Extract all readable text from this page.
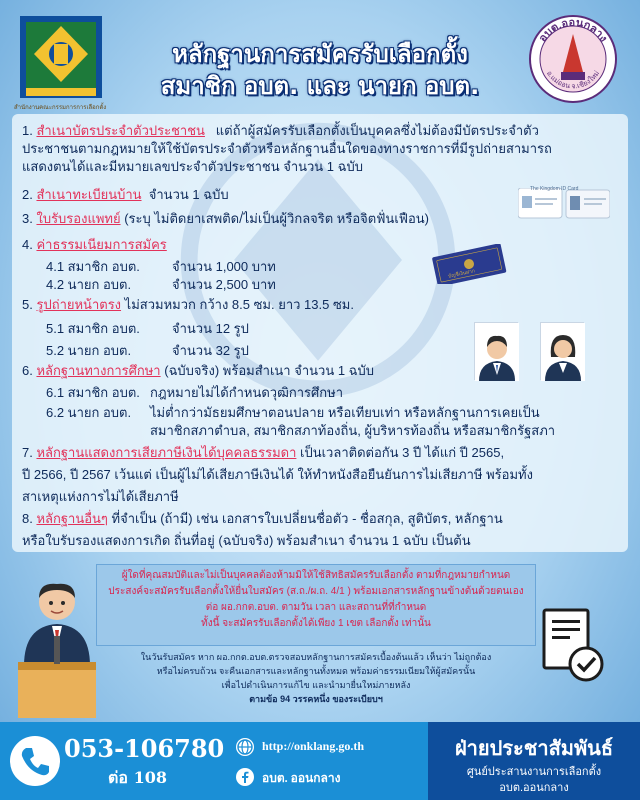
สำนักงานคณะกรรมการการเลือกตั้ง
หลักฐานการสมัครรับเลือกตั้ง
สมาชิก อบต. และ นายก อบต.
อบต.ออนกลาง
อ.แม่ออน จ.เชียงใหม่
1. สำเนาบัตรประจำตัวประชาชน แต่ถ้าผู้สมัครรับเลือกตั้งเป็นบุคคลซึ่งไม่ต้องมีบัตรประจำตัว
ประชาชนตามกฎหมายให้ใช้บัตรประจำตัวหรือหลักฐานอื่นใดของทางราชการที่มีรูปถ่ายสามารถ
แสดงตนได้และมีหมายเลขประจำตัวประชาชน จำนวน 1 ฉบับ
2. สำเนาทะเบียนบ้าน จำนวน 1 ฉบับ
3. ใบรับรองแพทย์ (ระบุ ไม่ติดยาเสพติด/ไม่เป็นผู้วิกลจริต หรือจิตฟั่นเฟือน)
4. ค่าธรรมเนียมการสมัคร
4.1 สมาชิก อบต. จำนวน 1,000 บาท
4.2 นายก อบต.	จำนวน 2,500 บาท
5. รูปถ่ายหน้าตรง ไม่สวมหมวก กว้าง 8.5 ซม. ยาว 13.5 ซม.
5.1 สมาชิก อบต. จำนวน 12 รูป
5.2 นายก อบต.	จำนวน 32 รูป
6. หลักฐานทางการศึกษา (ฉบับจริง) พร้อมสำเนา จำนวน 1 ฉบับ
6.1 สมาชิก อบต. กฎหมายไม่ได้กำหนดวุฒิการศึกษา
6.2 นายก อบต. ไม่ต่ำกว่ามัธยมศึกษาตอนปลาย หรือเทียบเท่า หรือหลักฐานการเคยเป็น
สมาชิกสภาตำบล, สมาชิกสภาท้องถิ่น, ผู้บริหารท้องถิ่น หรือสมาชิกรัฐสภา
7. หลักฐานแสดงการเสียภาษีเงินได้บุคคลธรรมดา เป็นเวลาติดต่อกัน 3 ปี ได้แก่ ปี 2565,
ปี 2566, ปี 2567 เว้นแต่ เป็นผู้ไม่ได้เสียภาษีเงินได้ ให้ทำหนังสือยืนยันการไม่เสียภาษี พร้อมทั้ง
สาเหตุแห่งการไม่ได้เสียภาษี
8. หลักฐานอื่นๆ ที่จำเป็น (ถ้ามี) เช่น เอกสารใบเปลี่ยนชื่อตัว - ชื่อสกุล, สูติบัตร, หลักฐาน
หรือใบรับรองแสดงการเกิด ถิ่นที่อยู่ (ฉบับจริง) พร้อมสำเนา จำนวน 1 ฉบับ เป็นต้น
The Kingdom ID Card
บัญชีเงินฝาก
ผู้ใดที่คุณสมบัติและไม่เป็นบุคคลต้องห้ามมิให้ใช้สิทธิสมัครรับเลือกตั้ง ตามที่กฎหมายกำหนด
ประสงค์จะสมัครรับเลือกตั้งให้ยื่นใบสมัคร (ส.ถ./ผ.ถ. 4/1 ) พร้อมเอกสารหลักฐานข้างต้นด้วยตนเอง
ต่อ ผอ.กกต.อบต. ตามวัน เวลา และสถานที่ที่กำหนด
ทั้งนี้ จะสมัครรับเลือกตั้งได้เพียง 1 เขต เลือกตั้ง เท่านั้น
ในวันรับสมัคร หาก ผอ.กกต.อบต.ตรวจสอบหลักฐานการสมัครเบื้องต้นแล้ว เห็นว่า ไม่ถูกต้อง
หรือไม่ครบถ้วน จะคืนเอกสารและหลักฐานทั้งหมด พร้อมค่าธรรมเนียมให้ผู้สมัครนั้น
เพื่อไปดำเนินการแก้ไข และนำมายื่นใหม่ภายหลัง
ตามข้อ 94 วรรคหนึ่ง ของระเบียบฯ
053-106780
ต่อ 108
http://onklang.go.th
อบต. ออนกลาง
ฝ่ายประชาสัมพันธ์
ศูนย์ประสานงานการเลือกตั้ง
อบต.ออนกลาง
